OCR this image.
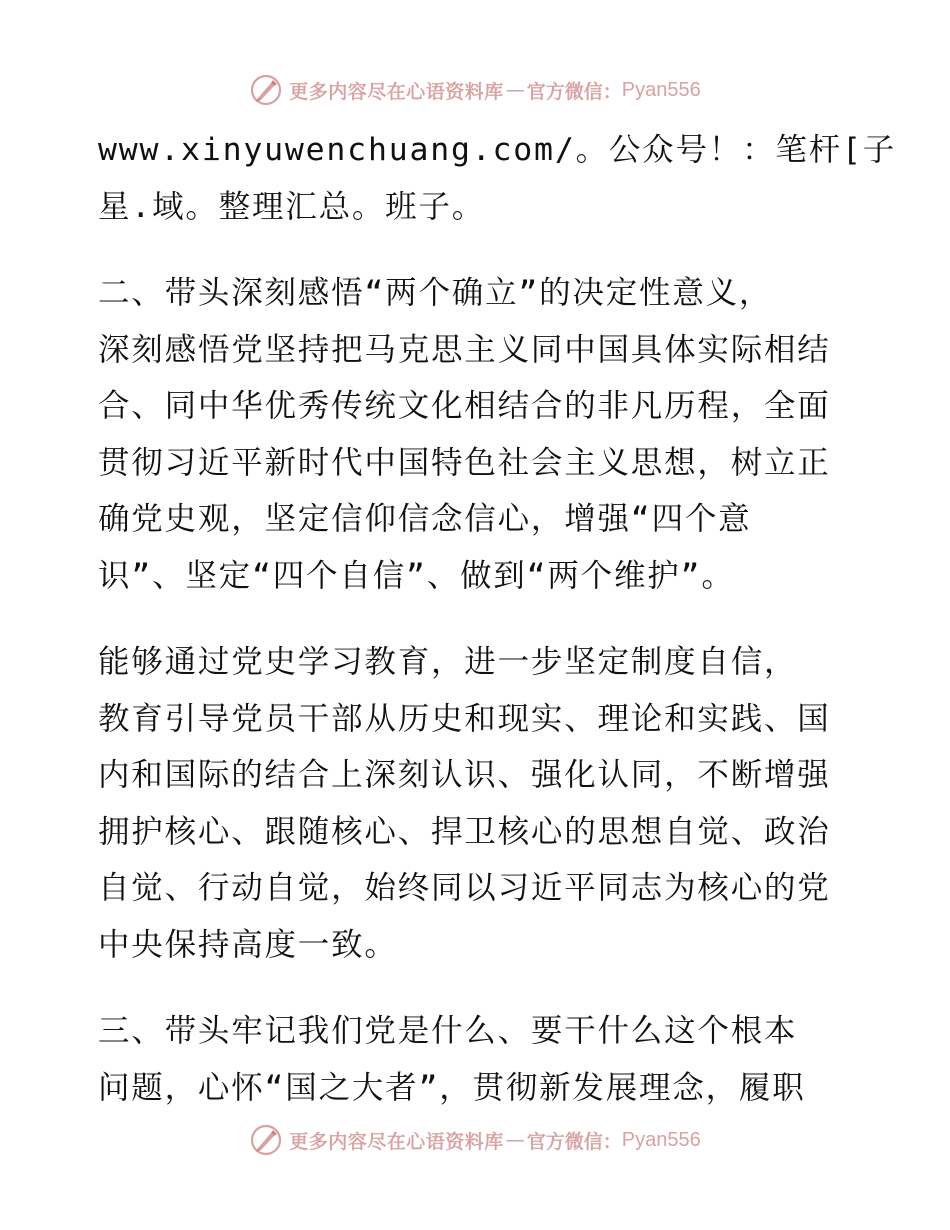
更多内容尽在心语资料库 — 官方微信： Pyan556
www.xinyuwenchuang.com/。公众号！：笔杆[子
星.域。整理汇总。班子。
二、带头深刻感悟“两个确立”的决定性意义，
深刻感悟党坚持把马克思主义同中国具体实际相结
合、同中华优秀传统文化相结合的非凡历程，全面
贯彻习近平新时代中国特色社会主义思想，树立正
确党史观，坚定信仰信念信心，增强“四个意
识”、坚定“四个自信”、做到“两个维护”。
能够通过党史学习教育，进一步坚定制度自信，
教育引导党员干部从历史和现实、理论和实践、国
内和国际的结合上深刻认识、强化认同，不断增强
拥护核心、跟随核心、捍卫核心的思想自觉、政治
自觉、行动自觉，始终同以习近平同志为核心的党
中央保持高度一致。
三、带头牢记我们党是什么、要干什么这个根本
问题，心怀“国之大者”，贯彻新发展理念，履职
更多内容尽在心语资料库 — 官方微信： Pyan556
